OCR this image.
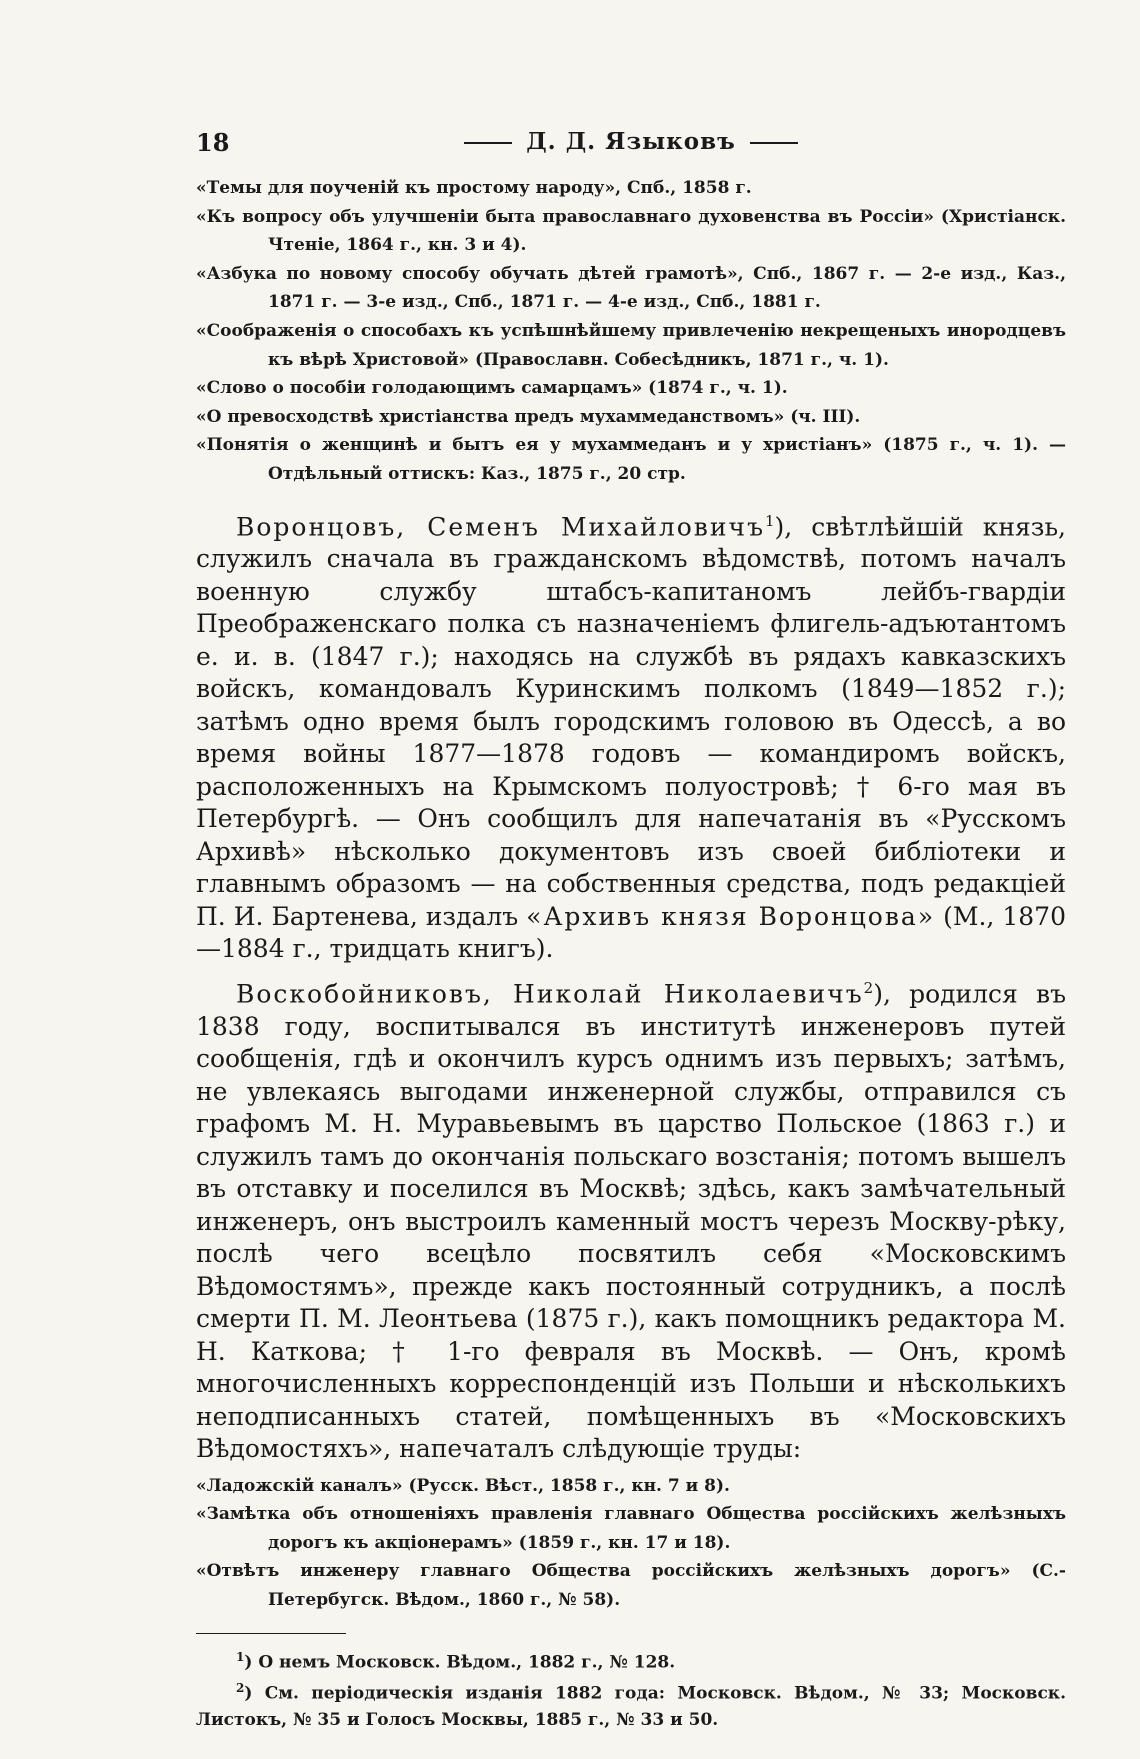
18	Д. Д. Языковъ
«Темы для поученій къ простому народу», Спб., 1858 г.
«Къ вопросу объ улучшеніи быта православнаго духовенства въ Россіи» (Христіанск. Чтеніе, 1864 г., кн. 3 и 4).
«Азбука по новому способу обучать дѣтей грамотѣ», Спб., 1867 г. — 2-е изд., Каз., 1871 г. — 3-е изд., Спб., 1871 г. — 4-е изд., Спб., 1881 г.
«Соображенія о способахъ къ успѣшнѣйшему привлеченію некрещеныхъ инородцевъ къ вѣрѣ Христовой» (Православн. Собесѣдникъ, 1871 г., ч. 1).
«Слово о пособіи голодающимъ самарцамъ» (1874 г., ч. 1).
«О превосходствѣ христіанства предъ мухаммеданствомъ» (ч. III).
«Понятія о женщинѣ и бытъ ея у мухаммеданъ и у христіанъ» (1875 г., ч. 1). — Отдѣльный оттискъ: Каз., 1875 г., 20 стр.

Воронцовъ, Семенъ Михайловичъ$^1$), свѣтлѣйшій князь, служилъ сначала въ гражданскомъ вѣдомствѣ, потомъ началъ военную службу штабсъ-капитаномъ лейбъ-гвардіи Преображенскаго полка съ назначеніемъ флигель-адъютантомъ е. и. в. (1847 г.); находясь на службѣ въ рядахъ кавказскихъ войскъ, командовалъ Куринскимъ полкомъ (1849—1852 г.); затѣмъ одно время былъ городскимъ головою въ Одессѣ, а во время войны 1877—1878 годовъ — командиромъ войскъ, расположенныхъ на Крымскомъ полуостровѣ; † 6-го мая въ Петербургѣ. — Онъ сообщилъ для напечатанія въ «Русскомъ Архивѣ» нѣсколько документовъ изъ своей библіотеки и главнымъ образомъ — на собственныя средства, подъ редакціей П. И. Бартенева, издалъ «Архивъ князя Воронцова» (М., 1870—1884 г., тридцать книгъ).

Воскобойниковъ, Николай Николаевичъ$^2$), родился въ 1838 году, воспитывался въ институтѣ инженеровъ путей сообщенія, гдѣ и окончилъ курсъ однимъ изъ первыхъ; затѣмъ, не увлекаясь выгодами инженерной службы, отправился съ графомъ М. Н. Муравьевымъ въ царство Польское (1863 г.) и служилъ тамъ до окончанія польскаго возстанія; потомъ вышелъ въ отставку и поселился въ Москвѣ; здѣсь, какъ замѣчательный инженеръ, онъ выстроилъ каменный мостъ черезъ Москву-рѣку, послѣ чего всецѣло посвятилъ себя «Московскимъ Вѣдомостямъ», прежде какъ постоянный сотрудникъ, а послѣ смерти П. М. Леонтьева (1875 г.), какъ помощникъ редактора М. Н. Каткова; † 1-го февраля въ Москвѣ. — Онъ, кромѣ многочисленныхъ корреспонденцій изъ Польши и нѣсколькихъ неподписанныхъ статей, помѣщенныхъ въ «Московскихъ Вѣдомостяхъ», напечаталъ слѣдующіе труды:

«Ладожскій каналъ» (Русск. Вѣст., 1858 г., кн. 7 и 8).
«Замѣтка объ отношеніяхъ правленія главнаго Общества россійскихъ желѣзныхъ дорогъ къ акціонерамъ» (1859 г., кн. 17 и 18).
«Отвѣтъ инженеру главнаго Общества россійскихъ желѣзныхъ дорогъ» (С.-Петербугск. Вѣдом., 1860 г., № 58).
$^1$) О немъ Московск. Вѣдом., 1882 г., № 128.
$^2$) См. періодическія изданія 1882 года: Московск. Вѣдом., № 33; Московск. Листокъ, № 35 и Голосъ Москвы, 1885 г., № 33 и 50.
